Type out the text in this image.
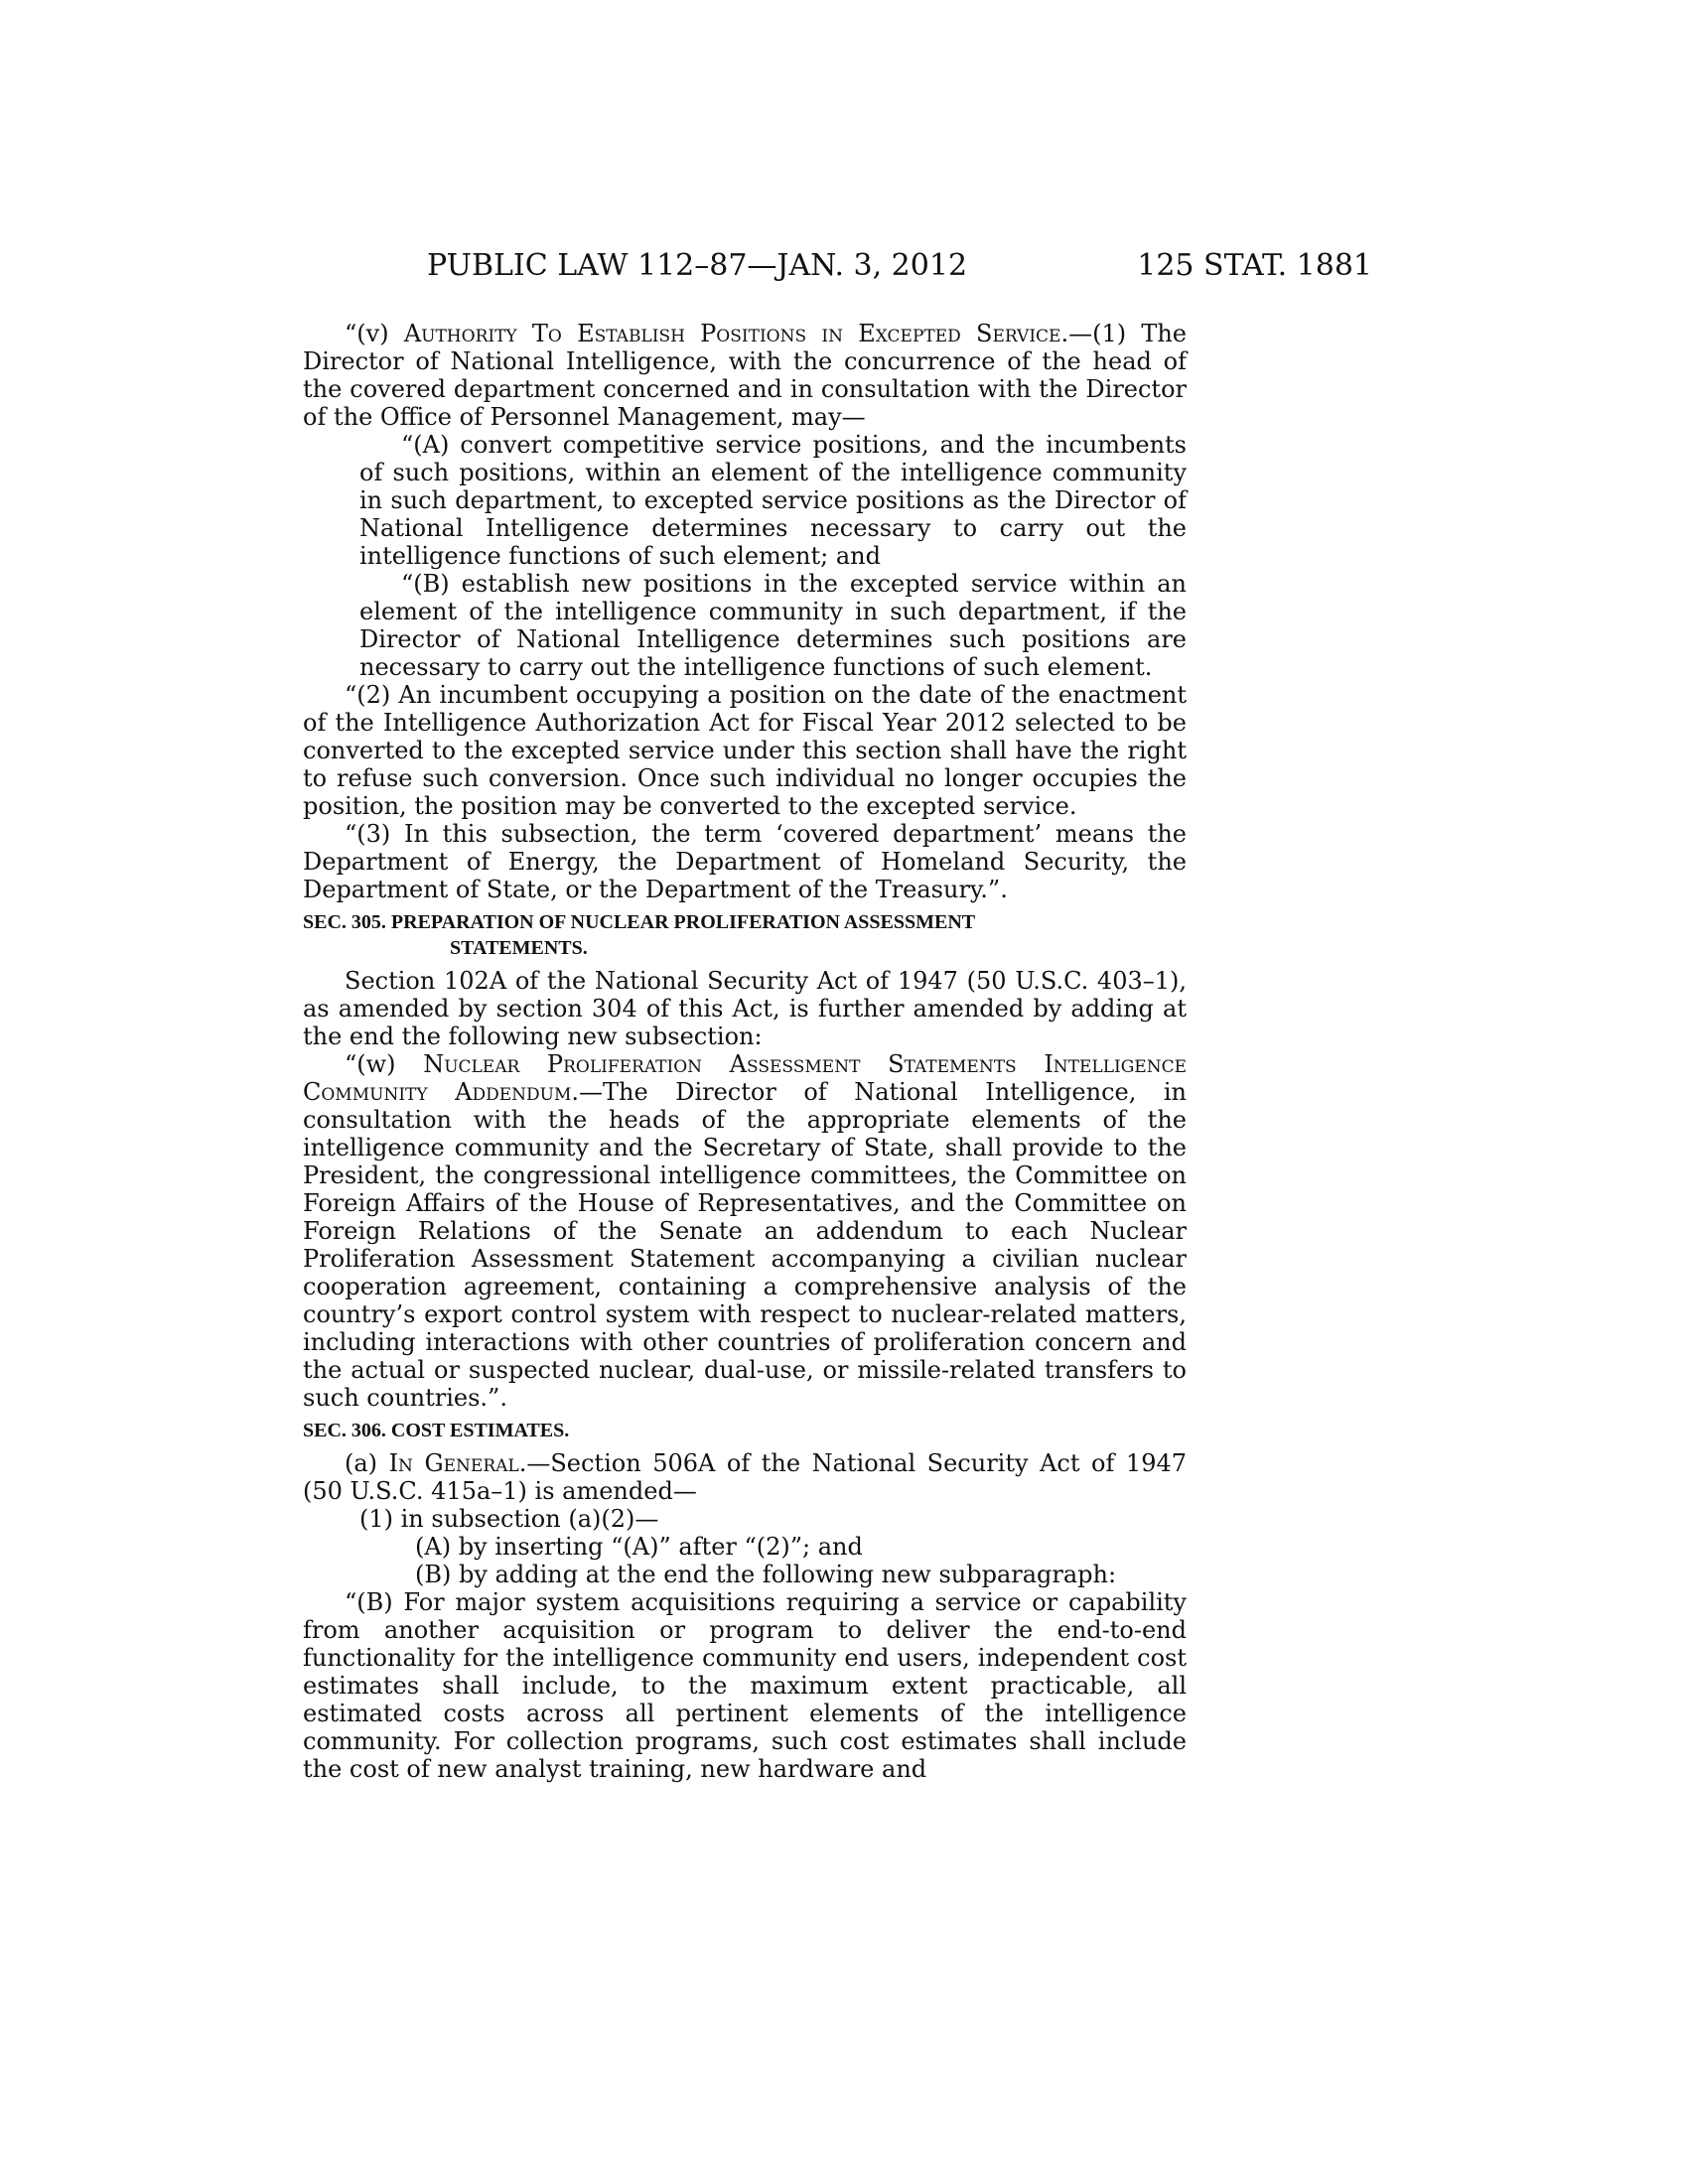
PUBLIC LAW 112–87—JAN. 3, 2012	125 STAT. 1881

“(v) Authority To Establish Positions in Excepted Service.—(1) The Director of National Intelligence, with the concurrence of the head of the covered department concerned and in consultation with the Director of the Office of Personnel Management, may—

“(A) convert competitive service positions, and the incumbents of such positions, within an element of the intelligence community in such department, to excepted service positions as the Director of National Intelligence determines necessary to carry out the intelligence functions of such element; and

“(B) establish new positions in the excepted service within an element of the intelligence community in such department, if the Director of National Intelligence determines such positions are necessary to carry out the intelligence functions of such element.

“(2) An incumbent occupying a position on the date of the enactment of the Intelligence Authorization Act for Fiscal Year 2012 selected to be converted to the excepted service under this section shall have the right to refuse such conversion. Once such individual no longer occupies the position, the position may be converted to the excepted service.

“(3) In this subsection, the term ‘covered department’ means the Department of Energy, the Department of Homeland Security, the Department of State, or the Department of the Treasury.”.

SEC. 305. PREPARATION OF NUCLEAR PROLIFERATION ASSESSMENT
STATEMENTS.

Section 102A of the National Security Act of 1947 (50 U.S.C. 403–1), as amended by section 304 of this Act, is further amended by adding at the end the following new subsection:

“(w) Nuclear Proliferation Assessment Statements Intelligence Community Addendum.—The Director of National Intelligence, in consultation with the heads of the appropriate elements of the intelligence community and the Secretary of State, shall provide to the President, the congressional intelligence committees, the Committee on Foreign Affairs of the House of Representatives, and the Committee on Foreign Relations of the Senate an addendum to each Nuclear Proliferation Assessment Statement accompanying a civilian nuclear cooperation agreement, containing a comprehensive analysis of the country’s export control system with respect to nuclear-related matters, including interactions with other countries of proliferation concern and the actual or suspected nuclear, dual-use, or missile-related transfers to such countries.”.

SEC. 306. COST ESTIMATES.

(a) In General.—Section 506A of the National Security Act of 1947 (50 U.S.C. 415a–1) is amended—

(1) in subsection (a)(2)—

(A) by inserting “(A)” after “(2)”; and

(B) by adding at the end the following new subparagraph:

“(B) For major system acquisitions requiring a service or capability from another acquisition or program to deliver the end-to-end functionality for the intelligence community end users, independent cost estimates shall include, to the maximum extent practicable, all estimated costs across all pertinent elements of the intelligence community. For collection programs, such cost estimates shall include the cost of new analyst training, new hardware and
